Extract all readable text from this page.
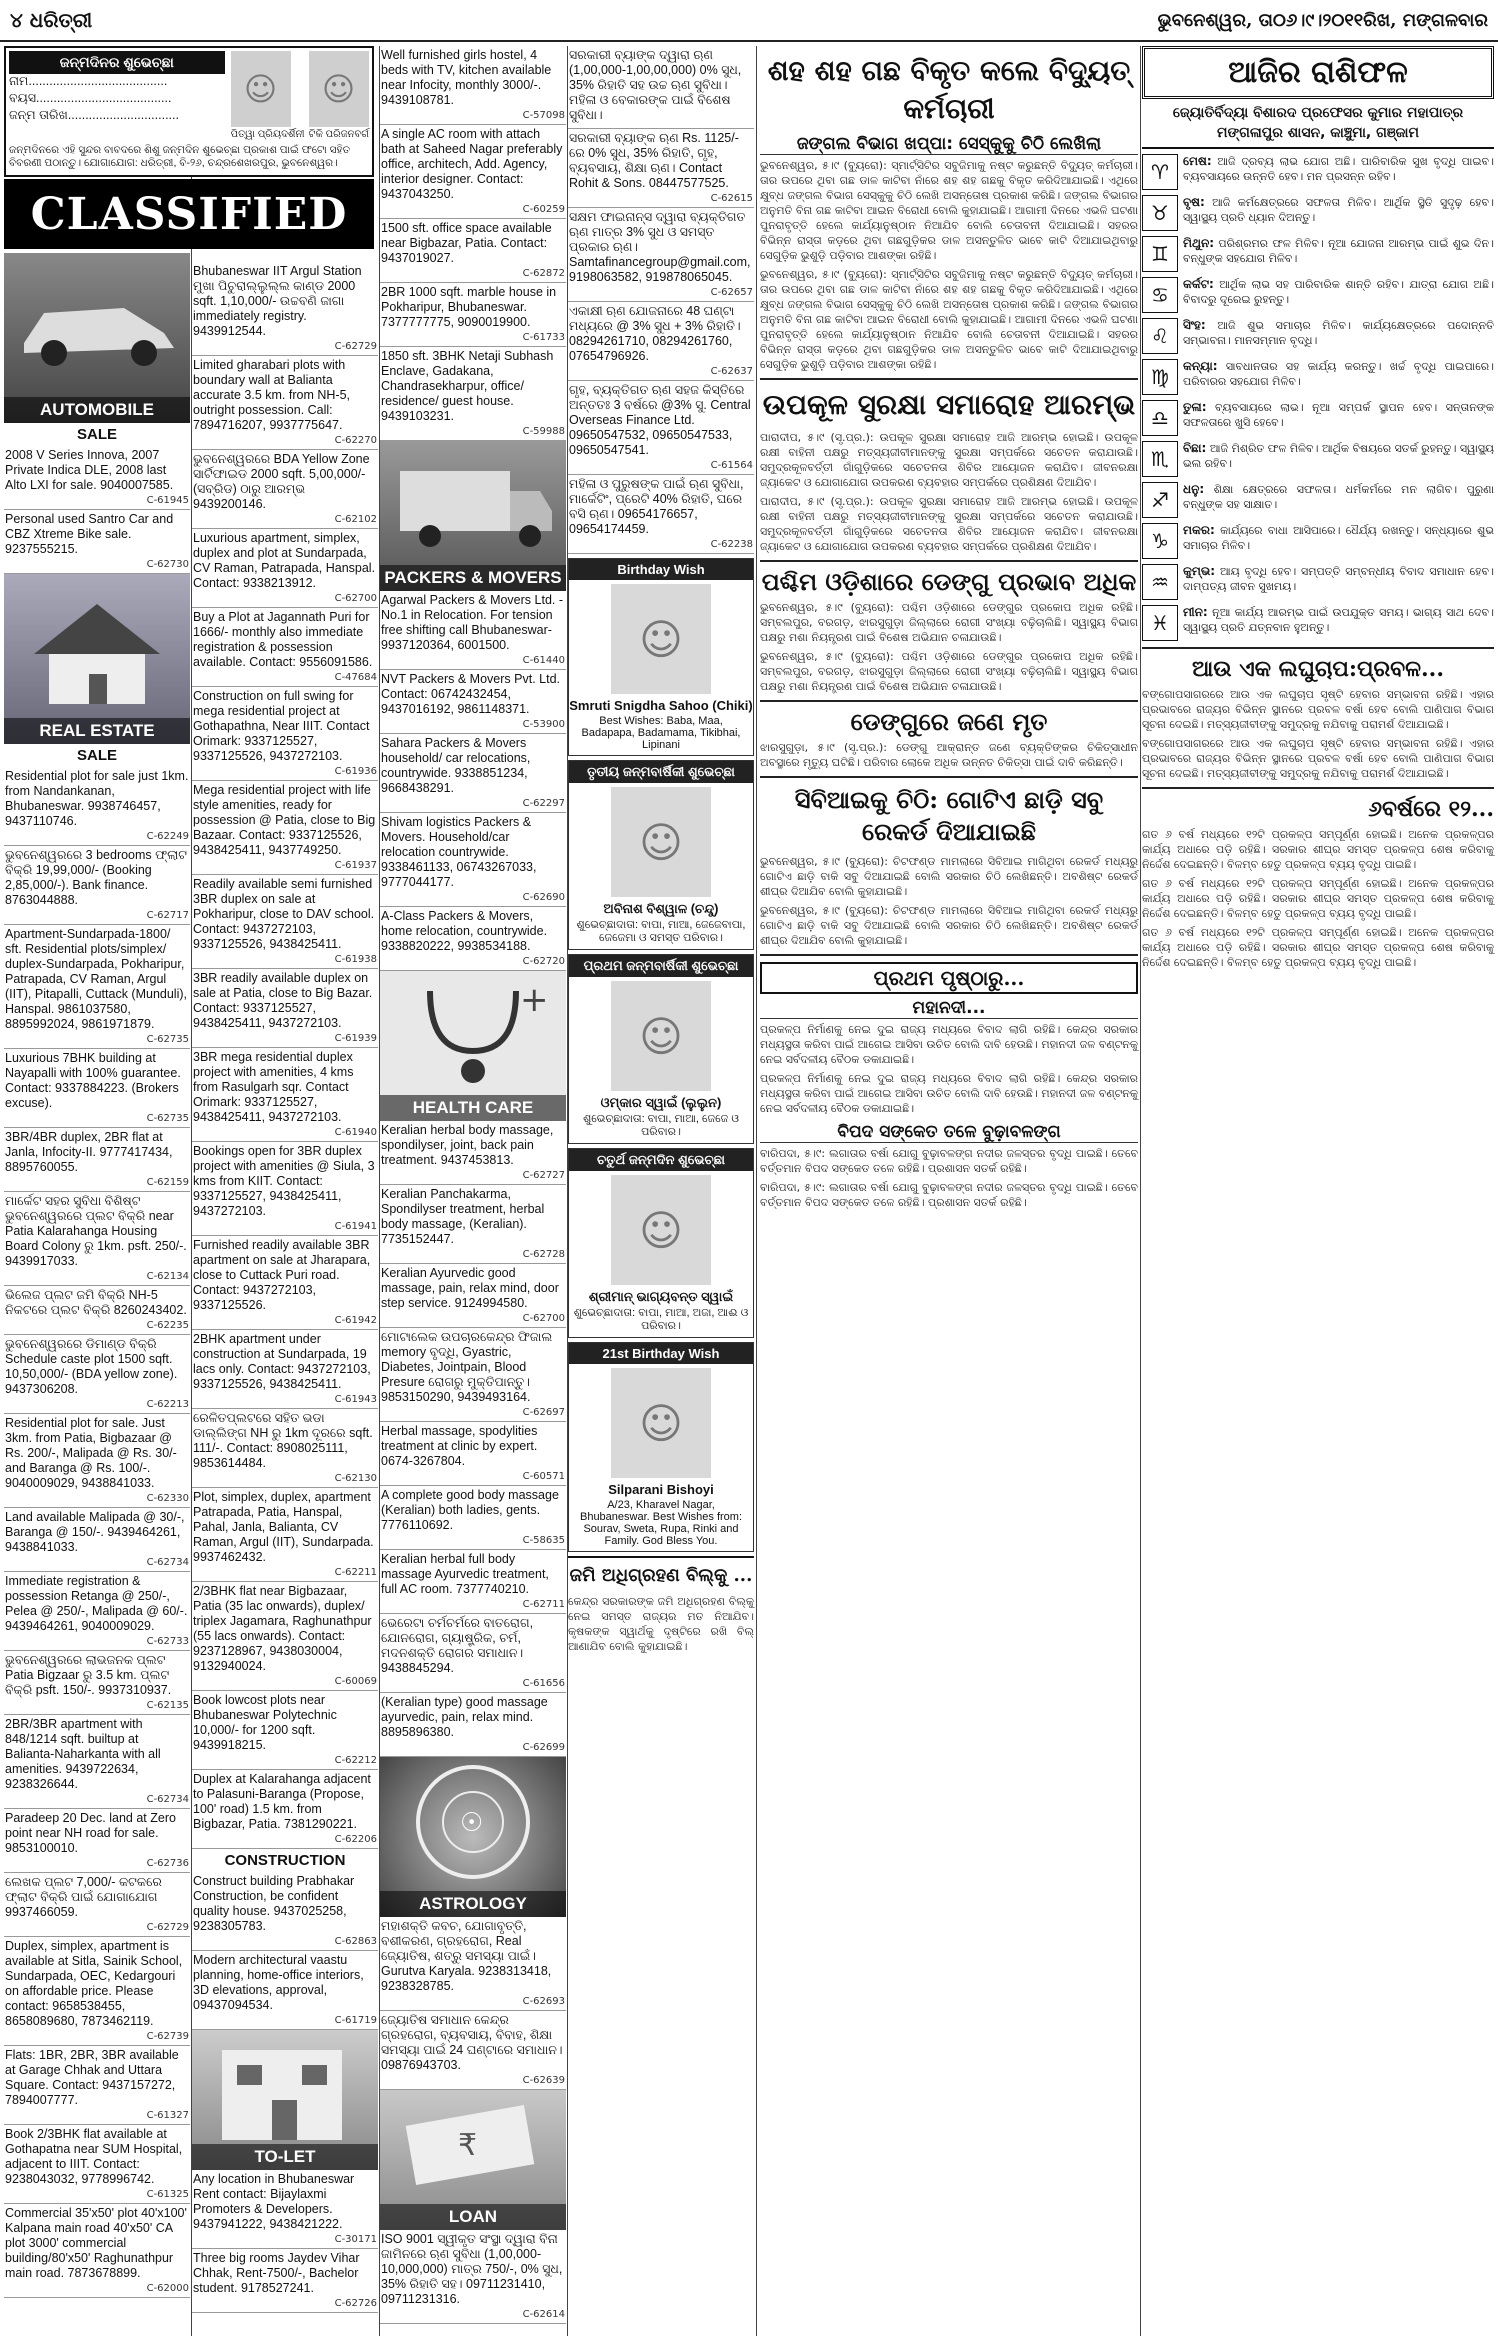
୪ ଧରିତ୍ରୀ	ଭୁବନେଶ୍ୱର, ତା୦୬।୯।୨୦୧୧ରିଖ, ମଙ୍ଗଳବାର
ଜନ୍ମଦିନର ଶୁଭେଚ୍ଛା
ନାମ........................................
ବୟସ.......................................
ଜନ୍ମ ତାରିଖ................................
☺
ପିତ୍ୱା ପ୍ରିୟଦର୍ଶିନୀ
☺
ଟିକି ପରିଜନବର୍ଗ
ଜନ୍ମଦିନରେ ଏହି ସୁନ୍ଦର ବାବଦରେ ଶିଶୁ ଜନ୍ମଦିନ ଶୁଭେଚ୍ଛା ପ୍ରକାଶ ପାଇଁ ଫଟୋ ସହିତ ବିବରଣୀ ପଠାନ୍ତୁ। ଯୋଗାଯୋଗ: ଧରିତ୍ରୀ, ବି-୨୬, ଚନ୍ଦ୍ରଶେଖରପୁର, ଭୁବନେଶ୍ୱର।
CLASSIFIED
AUTOMOBILE
SALE
2008 V Series Innova, 2007 Private Indica DLE, 2008 last Alto LXI for sale. 9040007585.
C-61945
Personal used Santro Car and CBZ Xtreme Bike sale. 9237555215.
C-62730
REAL ESTATE
SALE
Residential plot for sale just 1km. from Nandankanan, Bhubaneswar. 9938746457, 9437110746.
C-62249
ଭୁବନେଶ୍ୱରରେ 3 bedrooms ଫ୍ଲାଟ ବିକ୍ରି 19,99,000/- (Booking 2,85,000/-). Bank finance. 8763044888.
C-62717
Apartment-Sundarpada-1800/ sft. Residential plots/simplex/ duplex-Sundarpada, Pokharipur, Patrapada, CV Raman, Argul (IIT), Pitapalli, Cuttack (Munduli), Hanspal. 9861037580, 8895992024, 9861971879.
C-62735
Luxurious 7BHK building at Nayapalli with 100% guarantee. Contact: 9337884223. (Brokers excuse).
C-62735
3BR/4BR duplex, 2BR flat at Janla, Infocity-II. 9777417434, 8895760055.
C-62159
ମାର୍କେଟ ସହର ସୁବିଧା ବିଶିଷ୍ଟ ଭୁବନେଶ୍ୱରରେ ପ୍ଲଟ ବିକ୍ରି near Patia Kalarahanga Housing Board Colony ରୁ 1km. psft. 250/-. 9439917033.
C-62134
ଭିଲେଜ ପ୍ଲଟ ଜମି ବିକ୍ରି NH-5 ନିକଟରେ ପ୍ଲଟ ବିକ୍ରି 8260243402.
C-62235
ଭୁବନେଶ୍ୱରରେ ଡିମାଣ୍ଡ ବିକ୍ରି Schedule caste plot 1500 sqft. 10,50,000/- (BDA yellow zone). 9437306208.
C-62213
Residential plot for sale. Just 3km. from Patia, Bigbazaar @ Rs. 200/-, Malipada @ Rs. 30/- and Baranga @ Rs. 100/-. 9040009029, 9438841033.
C-62330
Land available Malipada @ 30/-, Baranga @ 150/-. 9439464261, 9438841033.
C-62734
Immediate registration & possession Retanga @ 250/-, Pelea @ 250/-, Malipada @ 60/-. 9439464261, 9040009029.
C-62733
ଭୁବନେଶ୍ୱରରେ ଲାଭଜନକ ପ୍ଲଟ Patia Bigzaar ରୁ 3.5 km. ପ୍ଲଟ ବିକ୍ରି psft. 150/-. 9937310937.
C-62135
2BR/3BR apartment with 848/1214 sqft. builtup at Balianta-Naharkanta with all amenities. 9439722634, 9238326644.
C-62734
Paradeep 20 Dec. land at Zero point near NH road for sale. 9853100010.
C-62736
ଲେଖକ ପ୍ଲଟ 7,000/- କଟକରେ ଫ୍ଲାଟ ବିକ୍ରି ପାଇଁ ଯୋଗାଯୋଗ 9937466059.
C-62729
Duplex, simplex, apartment is available at Sitla, Sainik School, Sundarpada, OEC, Kedargouri on affordable price. Please contact: 9658538455, 8658089680, 7873462119.
C-62739
Flats: 1BR, 2BR, 3BR available at Garage Chhak and Uttara Square. Contact: 9437157272, 7894007777.
C-61327
Book 2/3BHK flat available at Gothapatna near SUM Hospital, adjacent to IIIT. Contact: 9238043032, 9778996742.
C-61325
Commercial 35'x50' plot 40'x100' Kalpana main road 40'x50' CA plot 3000' commercial building/80'x50' Raghunathpur main road. 7873678899.
C-62000
Bhubaneswar IIT Argul Station ମୁଖା ପିଚୁରାଲ୍ଲୁଲ୍ଲ କାଣ୍ଡ 2000 sqft. 1,10,000/- ଉଚ୍ଚବଣି ଜାଗା immediately registry. 9439912544.
C-62729
Limited gharabari plots with boundary wall at Balianta accurate 3.5 km. from NH-5, outright possession. Call: 7894716207, 9937775647.
C-62270
ଭୁବନେଶ୍ୱରରେ BDA Yellow Zone ସାର୍ଟିଫାଇଡ 2000 sqft. 5,00,000/- (ସବ୍ରିଡ) ଠାରୁ ଆରମ୍ଭ 9439200146.
C-62102
Luxurious apartment, simplex, duplex and plot at Sundarpada, CV Raman, Patrapada, Hanspal. Contact: 9338213912.
C-62700
Buy a Plot at Jagannath Puri for 1666/- monthly also immediate registration & possession available. Contact: 9556091586.
C-47684
Construction on full swing for mega residential project at Gothapathna, Near IIIT. Contact Orimark: 9337125527, 9337125526, 9437272103.
C-61936
Mega residential project with life style amenities, ready for possession @ Patia, close to Big Bazaar. Contact: 9337125526, 9438425411, 9437749250.
C-61937
Readily available semi furnished 3BR duplex on sale at Pokharipur, close to DAV school. Contact: 9437272103, 9337125526, 9438425411.
C-61938
3BR readily available duplex on sale at Patia, close to Big Bazar. Contact: 9337125527, 9438425411, 9437272103.
C-61939
3BR mega residential duplex project with amenities, 4 kms from Rasulgarh sqr. Contact Orimark: 9337125527, 9438425411, 9437272103.
C-61940
Bookings open for 3BR duplex project with amenities @ Siula, 3 kms from KIIT. Contact: 9337125527, 9438425411, 9437272103.
C-61941
Furnished readily available 3BR apartment on sale at Jharapara, close to Cuttack Puri road. Contact: 9437272103, 9337125526.
C-61942
2BHK apartment under construction at Sundarpada, 19 lacs only. Contact: 9437272103, 9337125526, 9438425411.
C-61943
ରେଳିତପ୍ଲଟରେ ସହିତ ଭଡା ଡାଲ୍ଲିଙ୍ଗ NH ରୁ 1km ଦୂରରେ sqft. 111/-. Contact: 8908025111, 9853614484.
C-62130
Plot, simplex, duplex, apartment Patrapada, Patia, Hanspal, Pahal, Janla, Balianta, CV Raman, Argul (IIT), Sundarpada. 9937462432.
C-62211
2/3BHK flat near Bigbazaar, Patia (35 lac onwards), duplex/ triplex Jagamara, Raghunathpur (55 lacs onwards). Contact: 9237128967, 9438030004, 9132940024.
C-60069
Book lowcost plots near Bhubaneswar Polytechnic 10,000/- for 1200 sqft. 9439918215.
C-62212
Duplex at Kalarahanga adjacent to Palasuni-Baranga (Propose, 100' road) 1.5 km. from Bigbazar, Patia. 7381290221.
C-62206
CONSTRUCTION
Construct building Prabhakar Construction, be confident quality house. 9437025258, 9238305783.
C-62863
Modern architectural vaastu planning, home-office interiors, 3D elevations, approval, 09437094534.
C-61719
TO-LET
Any location in Bhubaneswar Rent contact: Bijaylaxmi Promoters & Developers. 9437941222, 9438421222.
C-30171
Three big rooms Jaydev Vihar Chhak, Rent-7500/-, Bachelor student. 9178527241.
C-62726
Well furnished girls hostel, 4 beds with TV, kitchen available near Infocity, monthly 3000/-. 9439108781.
C-57098
A single AC room with attach bath at Saheed Nagar preferably office, architech, Add. Agency, interior designer. Contact: 9437043250.
C-60259
1500 sft. office space available near Bigbazar, Patia. Contact: 9437019027.
C-62872
2BR 1000 sqft. marble house in Pokharipur, Bhubaneswar. 7377777775, 9090019900.
C-61733
1850 sft. 3BHK Netaji Subhash Enclave, Gadakana, Chandrasekharpur, office/ residence/ guest house. 9439103231.
C-59988
PACKERS & MOVERS
Agarwal Packers & Movers Ltd. - No.1 in Relocation. For tension free shifting call Bhubaneswar- 9937120364, 6001500.
C-61440
NVT Packers & Movers Pvt. Ltd. Contact: 06742432454, 9437016192, 9861148371.
C-53900
Sahara Packers & Movers household/ car relocations, countrywide. 9338851234, 9668438291.
C-62297
Shivam logistics Packers & Movers. Household/car relocation countrywide. 9338461133, 06743267033, 9777044177.
C-62690
A-Class Packers & Movers, home relocation, countrywide. 9338820222, 9938534188.
C-62720
+
HEALTH CARE
Keralian herbal body massage, spondilyser, joint, back pain treatment. 9437453813.
C-62727
Keralian Panchakarma, Spondilyser treatment, herbal body massage, (Keralian). 7735152447.
C-62728
Keralian Ayurvedic good massage, pain, relax mind, door step service. 9124994580.
C-62700
ମୋଟାଲେକ ଉପଚାରକେନ୍ଦ୍ର ଫିଜାଲ memory ବୃଦ୍ଧି, Gyastric, Diabetes, Jointpain, Blood Presure ରୋଗରୁ ମୁକ୍ତିପାନ୍ତୁ। 9853150290, 9439493164.
C-62697
Herbal massage, spodylities treatment at clinic by expert. 0674-3267804.
C-60571
A complete good body massage (Keralian) both ladies, gents. 7776110692.
C-58635
Keralian herbal full body massage Ayurvedic treatment, full AC room. 7377740210.
C-62711
ଭେରେଟା ଚର୍ମଚର୍ମରେ ବାତରୋଗ, ଯୋନରୋଗ, ଗ୍ୟାଷ୍ଟ୍ରିକ, ଚର୍ମ, ମଦନଶକ୍ତି ରୋଗର ସମାଧାନ। 9438845294.
C-61656
(Keralian type) good massage ayurvedic, pain, relax mind. 8895896380.
C-62699
☉
ASTROLOGY
ମହାଶକ୍ତି କବଚ, ଯୋଗାବୃତ୍ତି, ବଶୀକରଣ, ଗ୍ରହରୋଗ, Real ଜ୍ୟୋତିଷ, ଶତ୍ରୁ ସମସ୍ୟା ପାଇଁ। Gurutva Karyala. 9238313418, 9238328785.
C-62693
ଜ୍ୟୋତିଷ ସମାଧାନ କେନ୍ଦ୍ର ଗ୍ରହରୋଗ, ବ୍ୟବସାୟ, ବିବାହ, ଶିକ୍ଷା ସମସ୍ୟା ପାଇଁ 24 ଘଣ୍ଟାରେ ସମାଧାନ। 09876943703.
C-62639
₹
LOAN
ISO 9001 ସ୍ୱୀକୃତ ସଂସ୍ଥା ଦ୍ୱାରା ବିନା ଜାମିନରେ ଋଣ ସୁବିଧା (1,00,000-10,000,000) ମାତ୍ର 750/-, 0% ସୁଧ, 35% ରିହାତି ସହ। 09711231410, 09711231316.
C-62614
ସରକାରୀ ବ୍ୟାଙ୍କ ଦ୍ୱାରା ଋଣ (1,00,000-1,00,00,000) 0% ସୁଧ, 35% ରିହାତି ସହ ଉଚ୍ଚ ଋଣ ସୁବିଧା। ମହିଳା ଓ ବେକାରଙ୍କ ପାଇଁ ବିଶେଷ ସୁବିଧା।
ସରକାରୀ ବ୍ୟାଙ୍କ ଋଣ Rs. 1125/- ରେ 0% ସୁଧ, 35% ରିହାତି, ଗୃହ, ବ୍ୟବସାୟ, ଶିକ୍ଷା ଋଣ। Contact Rohit & Sons. 08447577525.
C-62615
ସକ୍ଷମ ଫାଇନାନ୍ସ ଦ୍ୱାରା ବ୍ୟକ୍ତିଗତ ଋଣ ମାତ୍ର 3% ସୁଧ ଓ ସମସ୍ତ ପ୍ରକାର ଋଣ। Samtafinancegroup@gmail.com, 9198063582, 919878065045.
C-62657
ଏକାକ୍ଷୀ ଋଣ ଯୋଜନାରେ 48 ଘଣ୍ଟା ମଧ୍ୟରେ @ 3% ସୁଧ + 3% ରିହାତି। 08294261710, 08294261760, 07654796926.
C-62637
ଗୃହ, ବ୍ୟକ୍ତିଗତ ଋଣ ସହଜ କିସ୍ତିରେ ଅନ୍ତତଃ 3 ବର୍ଷରେ @3% ସୁ. Central Overseas Finance Ltd. 09650547532, 09650547533, 09650547541.
C-61564
ମହିଳା ଓ ପୁରୁଷଙ୍କ ପାଇଁ ଋଣ ସୁବିଧା, ମାର୍କେଟିଂ, ପ୍ରେଟି 40% ରିହାତି, ଘରେ ବସି ଋଣ। 09654176657, 09654174459.
C-62238
Birthday Wish
☺
Smruti Snigdha Sahoo (Chiki)
Best Wishes: Baba, Maa, Badapapa, Badamama, Tikibhai, Lipinani
ତୃତୀୟ ଜନ୍ମବାର୍ଷିକୀ ଶୁଭେଚ୍ଛା
☺
ଅବିନାଶ ବିଶ୍ୱାଳ (ଚନ୍ଦୁ)
ଶୁଭେଚ୍ଛାଦାତା: ବାପା, ମାଆ, ଜେଜେବାପା, ଜେଜେମା ଓ ସମସ୍ତ ପରିବାର।
ପ୍ରଥମ ଜନ୍ମବାର୍ଷିକୀ ଶୁଭେଚ୍ଛା
☺
ଓମ୍କାର ସ୍ୱାଇଁ (ଲୁଲୁନ)
ଶୁଭେଚ୍ଛାଦାତା: ବାପା, ମାଆ, ଜେଜେ ଓ ପରିବାର।
ଚତୁର୍ଥ ଜନ୍ମଦିନ ଶୁଭେଚ୍ଛା
☺
ଶ୍ରୀମାନ୍ ଭାଗ୍ୟବନ୍ତ ସ୍ୱାଇଁ
ଶୁଭେଚ୍ଛାଦାତା: ବାପା, ମାଆ, ଅଜା, ଆଈ ଓ ପରିବାର।
21st Birthday Wish
☺
Silparani Bishoyi
A/23, Kharavel Nagar, Bhubaneswar. Best Wishes from: Sourav, Sweta, Rupa, Rinki and Family. God Bless You.
ଜମି ଅଧିଗ୍ରହଣ ବିଲ୍କୁ ...
କେନ୍ଦ୍ର ସରକାରଙ୍କ ଜମି ଅଧିଗ୍ରହଣ ବିଲ୍କୁ ନେଇ ସମସ୍ତ ରାଜ୍ୟର ମତ ନିଆଯିବ। କୃଷକଙ୍କ ସ୍ୱାର୍ଥକୁ ଦୃଷ୍ଟିରେ ରଖି ବିଲ୍ ଆଣାଯିବ ବୋଲି କୁହାଯାଇଛି।
ଶହ ଶହ ଗଛ ବିକୃତ କଲେ ବିଦ୍ୟୁତ୍ କର୍ମଚାରୀ
ଜଙ୍ଗଲ ବିଭାଗ ଖପ୍ପା: ସେସ୍କୁକୁ ଚିଠି ଲେଖିଲା
ଭୁବନେଶ୍ୱର, ୫।୯ (ବ୍ୟୁରୋ): ସ୍ମାର୍ଟ୍‌ସିଟିର ସବୁଜିମାକୁ ନଷ୍ଟ କରୁଛନ୍ତି ବିଦ୍ୟୁତ୍ କର୍ମଚାରୀ। ତାର ଉପରେ ଥିବା ଗଛ ଡାଳ କାଟିବା ନାଁରେ ଶହ ଶହ ଗଛକୁ ବିକୃତ କରିଦିଆଯାଇଛି। ଏଥିରେ କ୍ଷୁବ୍ଧ ଜଙ୍ଗଲ ବିଭାଗ ସେସ୍କୁକୁ ଚିଠି ଲେଖି ଅସନ୍ତୋଷ ପ୍ରକାଶ କରିଛି। ଜଙ୍ଗଲ ବିଭାଗର ଅନୁମତି ବିନା ଗଛ କାଟିବା ଆଇନ ବିରୋଧୀ ବୋଲି କୁହାଯାଇଛି। ଆଗାମୀ ଦିନରେ ଏଭଳି ଘଟଣା ପୁନରାବୃତ୍ତି ହେଲେ କାର୍ଯ୍ୟାନୁଷ୍ଠାନ ନିଆଯିବ ବୋଲି ଚେତାବନୀ ଦିଆଯାଇଛି। ସହରର ବିଭିନ୍ନ ରାସ୍ତା କଡ଼ରେ ଥିବା ଗଛଗୁଡ଼ିକର ଡାଳ ଅସନ୍ତୁଳିତ ଭାବେ କାଟି ଦିଆଯାଇଥିବାରୁ ସେଗୁଡ଼ିକ ଭୁଶୁଡ଼ି ପଡ଼ିବାର ଆଶଙ୍କା ରହିଛି।
ଭୁବନେଶ୍ୱର, ୫।୯ (ବ୍ୟୁରୋ): ସ୍ମାର୍ଟ୍‌ସିଟିର ସବୁଜିମାକୁ ନଷ୍ଟ କରୁଛନ୍ତି ବିଦ୍ୟୁତ୍ କର୍ମଚାରୀ। ତାର ଉପରେ ଥିବା ଗଛ ଡାଳ କାଟିବା ନାଁରେ ଶହ ଶହ ଗଛକୁ ବିକୃତ କରିଦିଆଯାଇଛି। ଏଥିରେ କ୍ଷୁବ୍ଧ ଜଙ୍ଗଲ ବିଭାଗ ସେସ୍କୁକୁ ଚିଠି ଲେଖି ଅସନ୍ତୋଷ ପ୍ରକାଶ କରିଛି। ଜଙ୍ଗଲ ବିଭାଗର ଅନୁମତି ବିନା ଗଛ କାଟିବା ଆଇନ ବିରୋଧୀ ବୋଲି କୁହାଯାଇଛି। ଆଗାମୀ ଦିନରେ ଏଭଳି ଘଟଣା ପୁନରାବୃତ୍ତି ହେଲେ କାର୍ଯ୍ୟାନୁଷ୍ଠାନ ନିଆଯିବ ବୋଲି ଚେତାବନୀ ଦିଆଯାଇଛି। ସହରର ବିଭିନ୍ନ ରାସ୍ତା କଡ଼ରେ ଥିବା ଗଛଗୁଡ଼ିକର ଡାଳ ଅସନ୍ତୁଳିତ ଭାବେ କାଟି ଦିଆଯାଇଥିବାରୁ ସେଗୁଡ଼ିକ ଭୁଶୁଡ଼ି ପଡ଼ିବାର ଆଶଙ୍କା ରହିଛି।
ଉପକୂଳ ସୁରକ୍ଷା ସମାରୋହ ଆରମ୍ଭ
ପାରାଦୀପ, ୫।୯ (ସୃ.ପ୍ର.): ଉପକୂଳ ସୁରକ୍ଷା ସମାରୋହ ଆଜି ଆରମ୍ଭ ହୋଇଛି। ଉପକୂଳ ରକ୍ଷୀ ବାହିନୀ ପକ୍ଷରୁ ମତ୍ସ୍ୟଜୀବୀମାନଙ୍କୁ ସୁରକ୍ଷା ସମ୍ପର୍କରେ ସଚେତନ କରାଯାଉଛି। ସମୁଦ୍ରକୂଳବର୍ତ୍ତୀ ଗାଁଗୁଡ଼ିକରେ ସଚେତନତା ଶିବିର ଆୟୋଜନ କରାଯିବ। ଜୀବନରକ୍ଷା ଜ୍ୟାକେଟ ଓ ଯୋଗାଯୋଗ ଉପକରଣ ବ୍ୟବହାର ସମ୍ପର୍କରେ ପ୍ରଶିକ୍ଷଣ ଦିଆଯିବ।
ପାରାଦୀପ, ୫।୯ (ସୃ.ପ୍ର.): ଉପକୂଳ ସୁରକ୍ଷା ସମାରୋହ ଆଜି ଆରମ୍ଭ ହୋଇଛି। ଉପକୂଳ ରକ୍ଷୀ ବାହିନୀ ପକ୍ଷରୁ ମତ୍ସ୍ୟଜୀବୀମାନଙ୍କୁ ସୁରକ୍ଷା ସମ୍ପର୍କରେ ସଚେତନ କରାଯାଉଛି। ସମୁଦ୍ରକୂଳବର୍ତ୍ତୀ ଗାଁଗୁଡ଼ିକରେ ସଚେତନତା ଶିବିର ଆୟୋଜନ କରାଯିବ। ଜୀବନରକ୍ଷା ଜ୍ୟାକେଟ ଓ ଯୋଗାଯୋଗ ଉପକରଣ ବ୍ୟବହାର ସମ୍ପର୍କରେ ପ୍ରଶିକ୍ଷଣ ଦିଆଯିବ।
ପଶ୍ଚିମ ଓଡ଼ିଶାରେ ଡେଙ୍ଗୁ ପ୍ରଭାବ ଅଧିକ
ଭୁବନେଶ୍ୱର, ୫।୯ (ବ୍ୟୁରୋ): ପଶ୍ଚିମ ଓଡ଼ିଶାରେ ଡେଙ୍ଗୁର ପ୍ରକୋପ ଅଧିକ ରହିଛି। ସମ୍ବଲପୁର, ବରଗଡ଼, ଝାରସୁଗୁଡ଼ା ଜିଲ୍ଲାରେ ରୋଗୀ ସଂଖ୍ୟା ବଢ଼ିଚାଲିଛି। ସ୍ୱାସ୍ଥ୍ୟ ବିଭାଗ ପକ୍ଷରୁ ମଶା ନିୟନ୍ତ୍ରଣ ପାଇଁ ବିଶେଷ ଅଭିଯାନ ଚଳାଯାଉଛି।
ଭୁବନେଶ୍ୱର, ୫।୯ (ବ୍ୟୁରୋ): ପଶ୍ଚିମ ଓଡ଼ିଶାରେ ଡେଙ୍ଗୁର ପ୍ରକୋପ ଅଧିକ ରହିଛି। ସମ୍ବଲପୁର, ବରଗଡ଼, ଝାରସୁଗୁଡ଼ା ଜିଲ୍ଲାରେ ରୋଗୀ ସଂଖ୍ୟା ବଢ଼ିଚାଲିଛି। ସ୍ୱାସ୍ଥ୍ୟ ବିଭାଗ ପକ୍ଷରୁ ମଶା ନିୟନ୍ତ୍ରଣ ପାଇଁ ବିଶେଷ ଅଭିଯାନ ଚଳାଯାଉଛି।
ଡେଙ୍ଗୁରେ ଜଣେ ମୃତ
ଝାରସୁଗୁଡ଼ା, ୫।୯ (ସୃ.ପ୍ର.): ଡେଙ୍ଗୁ ଆକ୍ରାନ୍ତ ଜଣେ ବ୍ୟକ୍ତିଙ୍କର ଚିକିତ୍ସାଧୀନ ଅବସ୍ଥାରେ ମୃତ୍ୟୁ ଘଟିଛି। ପରିବାର ଲୋକେ ଅଧିକ ଉନ୍ନତ ଚିକିତ୍ସା ପାଇଁ ଦାବି କରିଛନ୍ତି।
ସିବିଆଇକୁ ଚିଠି: ଗୋଟିଏ ଛାଡ଼ି ସବୁ ରେକର୍ଡ ଦିଆଯାଇଛି
ଭୁବନେଶ୍ୱର, ୫।୯ (ବ୍ୟୁରୋ): ଚିଟଫଣ୍ଡ ମାମଲାରେ ସିବିଆଇ ମାଗିଥିବା ରେକର୍ଡ ମଧ୍ୟରୁ ଗୋଟିଏ ଛାଡ଼ି ବାକି ସବୁ ଦିଆଯାଇଛି ବୋଲି ସରକାର ଚିଠି ଲେଖିଛନ୍ତି। ଅବଶିଷ୍ଟ ରେକର୍ଡ ଶୀଘ୍ର ଦିଆଯିବ ବୋଲି କୁହାଯାଇଛି।
ଭୁବନେଶ୍ୱର, ୫।୯ (ବ୍ୟୁରୋ): ଚିଟଫଣ୍ଡ ମାମଲାରେ ସିବିଆଇ ମାଗିଥିବା ରେକର୍ଡ ମଧ୍ୟରୁ ଗୋଟିଏ ଛାଡ଼ି ବାକି ସବୁ ଦିଆଯାଇଛି ବୋଲି ସରକାର ଚିଠି ଲେଖିଛନ୍ତି। ଅବଶିଷ୍ଟ ରେକର୍ଡ ଶୀଘ୍ର ଦିଆଯିବ ବୋଲି କୁହାଯାଇଛି।
ପ୍ରଥମ ପୃଷ୍ଠାରୁ...
ମହାନଦୀ...
ପ୍ରକଳ୍ପ ନିର୍ମାଣକୁ ନେଇ ଦୁଇ ରାଜ୍ୟ ମଧ୍ୟରେ ବିବାଦ ଲାଗି ରହିଛି। କେନ୍ଦ୍ର ସରକାର ମଧ୍ୟସ୍ଥତା କରିବା ପାଇଁ ଆଗେଇ ଆସିବା ଉଚିତ ବୋଲି ଦାବି ହେଉଛି। ମହାନଦୀ ଜଳ ବଣ୍ଟନକୁ ନେଇ ସର୍ବଦଳୀୟ ବୈଠକ ଡକାଯାଇଛି।
ପ୍ରକଳ୍ପ ନିର୍ମାଣକୁ ନେଇ ଦୁଇ ରାଜ୍ୟ ମଧ୍ୟରେ ବିବାଦ ଲାଗି ରହିଛି। କେନ୍ଦ୍ର ସରକାର ମଧ୍ୟସ୍ଥତା କରିବା ପାଇଁ ଆଗେଇ ଆସିବା ଉଚିତ ବୋଲି ଦାବି ହେଉଛି। ମହାନଦୀ ଜଳ ବଣ୍ଟନକୁ ନେଇ ସର୍ବଦଳୀୟ ବୈଠକ ଡକାଯାଇଛି।
ବିପଦ ସଙ୍କେତ ତଳେ ବୁଢ଼ାବଳଙ୍ଗ
ବାରିପଦା, ୫।୯: ଲଗାତାର ବର୍ଷା ଯୋଗୁ ବୁଢ଼ାବଳଙ୍ଗ ନଦୀର ଜଳସ୍ତର ବୃଦ୍ଧି ପାଇଛି। ତେବେ ବର୍ତ୍ତମାନ ବିପଦ ସଙ୍କେତ ତଳେ ରହିଛି। ପ୍ରଶାସନ ସତର୍କ ରହିଛି।
ବାରିପଦା, ୫।୯: ଲଗାତାର ବର୍ଷା ଯୋଗୁ ବୁଢ଼ାବଳଙ୍ଗ ନଦୀର ଜଳସ୍ତର ବୃଦ୍ଧି ପାଇଛି। ତେବେ ବର୍ତ୍ତମାନ ବିପଦ ସଙ୍କେତ ତଳେ ରହିଛି। ପ୍ରଶାସନ ସତର୍କ ରହିଛି।
ଆଜିର ରାଶିଫଳ
ଜ୍ୟୋତିର୍ବିଦ୍ୟା ବିଶାରଦ ପ୍ରଫେସର କୁମାର ମହାପାତ୍ର ମଙ୍ଗଳାପୁର ଶାସନ, କାଞ୍ଚୁମା, ଗଞ୍ଜାମ
♈	ମେଷ: ଆଜି ଦ୍ରବ୍ୟ ଲାଭ ଯୋଗ ଅଛି। ପାରିବାରିକ ସୁଖ ବୃଦ୍ଧି ପାଇବ। ବ୍ୟବସାୟରେ ଉନ୍ନତି ହେବ। ମନ ପ୍ରସନ୍ନ ରହିବ।
♉	ବୃଷ: ଆଜି କର୍ମକ୍ଷେତ୍ରରେ ସଫଳତା ମିଳିବ। ଆର୍ଥିକ ସ୍ଥିତି ସୁଦୃଢ଼ ହେବ। ସ୍ୱାସ୍ଥ୍ୟ ପ୍ରତି ଧ୍ୟାନ ଦିଅନ୍ତୁ।
♊	ମିଥୁନ: ପରିଶ୍ରମର ଫଳ ମିଳିବ। ନୂଆ ଯୋଜନା ଆରମ୍ଭ ପାଇଁ ଶୁଭ ଦିନ। ବନ୍ଧୁଙ୍କ ସହଯୋଗ ମିଳିବ।
♋	କର୍କଟ: ଆର୍ଥିକ ଲାଭ ସହ ପାରିବାରିକ ଶାନ୍ତି ରହିବ। ଯାତ୍ରା ଯୋଗ ଅଛି। ବିବାଦରୁ ଦୂରେଇ ରୁହନ୍ତୁ।
♌	ସିଂହ: ଆଜି ଶୁଭ ସମାଚାର ମିଳିବ। କାର୍ଯ୍ୟକ୍ଷେତ୍ରରେ ପଦୋନ୍ନତି ସମ୍ଭାବନା। ମାନସମ୍ମାନ ବୃଦ୍ଧି।
♍	କନ୍ୟା: ସାବଧାନତାର ସହ କାର୍ଯ୍ୟ କରନ୍ତୁ। ଖର୍ଚ୍ଚ ବୃଦ୍ଧି ପାଇପାରେ। ପରିବାରର ସହଯୋଗ ମିଳିବ।
♎	ତୁଳା: ବ୍ୟବସାୟରେ ଲାଭ। ନୂଆ ସମ୍ପର୍କ ସ୍ଥାପନ ହେବ। ସନ୍ତାନଙ୍କ ସଫଳତାରେ ଖୁସି ହେବେ।
♏	ବିଛା: ଆଜି ମିଶ୍ରିତ ଫଳ ମିଳିବ। ଆର୍ଥିକ ବିଷୟରେ ସତର୍କ ରୁହନ୍ତୁ। ସ୍ୱାସ୍ଥ୍ୟ ଭଲ ରହିବ।
♐	ଧନୁ: ଶିକ୍ଷା କ୍ଷେତ୍ରରେ ସଫଳତା। ଧର୍ମକର୍ମରେ ମନ ଲାଗିବ। ପୁରୁଣା ବନ୍ଧୁଙ୍କ ସହ ସାକ୍ଷାତ।
♑	ମକର: କାର୍ଯ୍ୟରେ ବାଧା ଆସିପାରେ। ଧୈର୍ଯ୍ୟ ରଖନ୍ତୁ। ସନ୍ଧ୍ୟାରେ ଶୁଭ ସମାଚାର ମିଳିବ।
♒	କୁମ୍ଭ: ଆୟ ବୃଦ୍ଧି ହେବ। ସମ୍ପତ୍ତି ସମ୍ବନ୍ଧୀୟ ବିବାଦ ସମାଧାନ ହେବ। ଦାମ୍ପତ୍ୟ ଜୀବନ ସୁଖମୟ।
♓	ମୀନ: ନୂଆ କାର୍ଯ୍ୟ ଆରମ୍ଭ ପାଇଁ ଉପଯୁକ୍ତ ସମୟ। ଭାଗ୍ୟ ସାଥ ଦେବ। ସ୍ୱାସ୍ଥ୍ୟ ପ୍ରତି ଯତ୍ନବାନ ହୁଅନ୍ତୁ।
ଆଉ ଏକ ଲଘୁଚାପ:ପ୍ରବଳ...
ବଙ୍ଗୋପସାଗରରେ ଆଉ ଏକ ଲଘୁଚାପ ସୃଷ୍ଟି ହେବାର ସମ୍ଭାବନା ରହିଛି। ଏହାର ପ୍ରଭାବରେ ରାଜ୍ୟର ବିଭିନ୍ନ ସ୍ଥାନରେ ପ୍ରବଳ ବର୍ଷା ହେବ ବୋଲି ପାଣିପାଗ ବିଭାଗ ସୂଚନା ଦେଇଛି। ମତ୍ସ୍ୟଜୀବୀଙ୍କୁ ସମୁଦ୍ରକୁ ନଯିବାକୁ ପରାମର୍ଶ ଦିଆଯାଇଛି।
ବଙ୍ଗୋପସାଗରରେ ଆଉ ଏକ ଲଘୁଚାପ ସୃଷ୍ଟି ହେବାର ସମ୍ଭାବନା ରହିଛି। ଏହାର ପ୍ରଭାବରେ ରାଜ୍ୟର ବିଭିନ୍ନ ସ୍ଥାନରେ ପ୍ରବଳ ବର୍ଷା ହେବ ବୋଲି ପାଣିପାଗ ବିଭାଗ ସୂଚନା ଦେଇଛି। ମତ୍ସ୍ୟଜୀବୀଙ୍କୁ ସମୁଦ୍ରକୁ ନଯିବାକୁ ପରାମର୍ଶ ଦିଆଯାଇଛି।
୬ବର୍ଷରେ ୧୨...
ଗତ ୬ ବର୍ଷ ମଧ୍ୟରେ ୧୨ଟି ପ୍ରକଳ୍ପ ସମ୍ପୂର୍ଣ୍ଣ ହୋଇଛି। ଅନେକ ପ୍ରକଳ୍ପର କାର୍ଯ୍ୟ ଅଧାରେ ପଡ଼ି ରହିଛି। ସରକାର ଶୀଘ୍ର ସମସ୍ତ ପ୍ରକଳ୍ପ ଶେଷ କରିବାକୁ ନିର୍ଦ୍ଦେଶ ଦେଇଛନ୍ତି। ବିଳମ୍ବ ହେତୁ ପ୍ରକଳ୍ପ ବ୍ୟୟ ବୃଦ୍ଧି ପାଇଛି।
ଗତ ୬ ବର୍ଷ ମଧ୍ୟରେ ୧୨ଟି ପ୍ରକଳ୍ପ ସମ୍ପୂର୍ଣ୍ଣ ହୋଇଛି। ଅନେକ ପ୍ରକଳ୍ପର କାର୍ଯ୍ୟ ଅଧାରେ ପଡ଼ି ରହିଛି। ସରକାର ଶୀଘ୍ର ସମସ୍ତ ପ୍ରକଳ୍ପ ଶେଷ କରିବାକୁ ନିର୍ଦ୍ଦେଶ ଦେଇଛନ୍ତି। ବିଳମ୍ବ ହେତୁ ପ୍ରକଳ୍ପ ବ୍ୟୟ ବୃଦ୍ଧି ପାଇଛି।
ଗତ ୬ ବର୍ଷ ମଧ୍ୟରେ ୧୨ଟି ପ୍ରକଳ୍ପ ସମ୍ପୂର୍ଣ୍ଣ ହୋଇଛି। ଅନେକ ପ୍ରକଳ୍ପର କାର୍ଯ୍ୟ ଅଧାରେ ପଡ଼ି ରହିଛି। ସରକାର ଶୀଘ୍ର ସମସ୍ତ ପ୍ରକଳ୍ପ ଶେଷ କରିବାକୁ ନିର୍ଦ୍ଦେଶ ଦେଇଛନ୍ତି। ବିଳମ୍ବ ହେତୁ ପ୍ରକଳ୍ପ ବ୍ୟୟ ବୃଦ୍ଧି ପାଇଛି।
